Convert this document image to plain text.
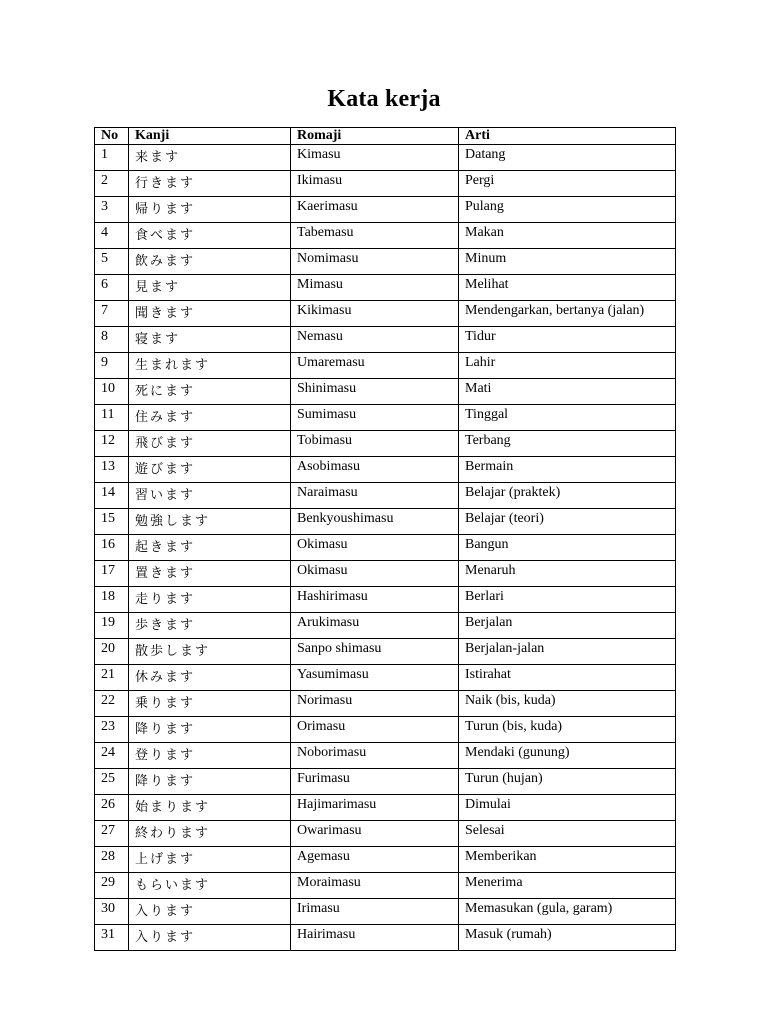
Kata kerja
No	Kanji	Romaji	Arti
1	来ます	Kimasu	Datang
2	行きます	Ikimasu	Pergi
3	帰ります	Kaerimasu	Pulang
4	食べます	Tabemasu	Makan
5	飲みます	Nomimasu	Minum
6	見ます	Mimasu	Melihat
7	聞きます	Kikimasu	Mendengarkan, bertanya (jalan)
8	寝ます	Nemasu	Tidur
9	生まれます	Umaremasu	Lahir
10	死にます	Shinimasu	Mati
11	住みます	Sumimasu	Tinggal
12	飛びます	Tobimasu	Terbang
13	遊びます	Asobimasu	Bermain
14	習います	Naraimasu	Belajar (praktek)
15	勉強します	Benkyoushimasu	Belajar (teori)
16	起きます	Okimasu	Bangun
17	置きます	Okimasu	Menaruh
18	走ります	Hashirimasu	Berlari
19	歩きます	Arukimasu	Berjalan
20	散歩します	Sanpo shimasu	Berjalan-jalan
21	休みます	Yasumimasu	Istirahat
22	乗ります	Norimasu	Naik (bis, kuda)
23	降ります	Orimasu	Turun (bis, kuda)
24	登ります	Noborimasu	Mendaki (gunung)
25	降ります	Furimasu	Turun (hujan)
26	始まります	Hajimarimasu	Dimulai
27	終わります	Owarimasu	Selesai
28	上げます	Agemasu	Memberikan
29	もらいます	Moraimasu	Menerima
30	入ります	Irimasu	Memasukan (gula, garam)
31	入ります	Hairimasu	Masuk (rumah)
